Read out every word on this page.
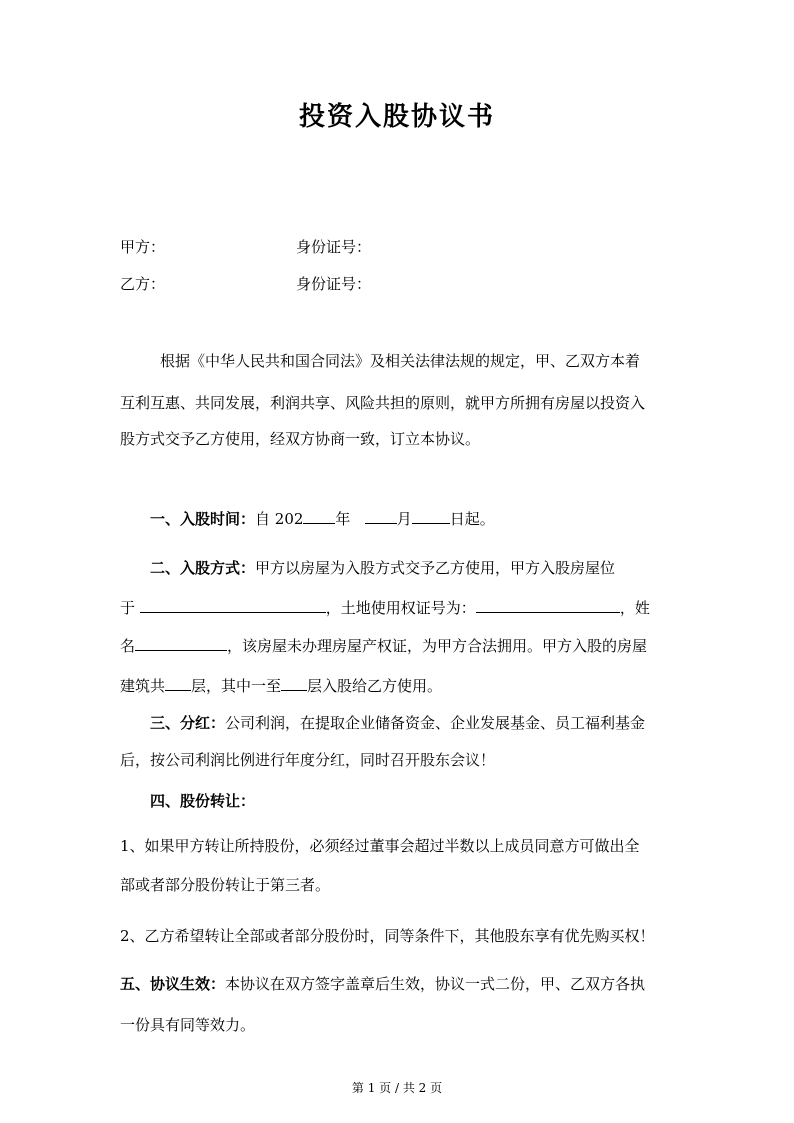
投资入股协议书
甲方：	身份证号：
乙方：	身份证号：
根据《中华人民共和国合同法》及相关法律法规的规定，甲、乙双方本着
互利互惠、共同发展，利润共享、风险共担的原则，就甲方所拥有房屋以投资入
股方式交予乙方使用，经双方协商一致，订立本协议。
一、入股时间：自 202 年	月	日起。
二、入股方式：甲方以房屋为入股方式交予乙方使用，甲方入股房屋位
于	，土地使用权证号为：	，姓
名	，该房屋未办理房屋产权证，为甲方合法拥用。甲方入股的房屋
建筑共 层，其中一至 层入股给乙方使用。
三、分红：公司利润，在提取企业储备资金、企业发展基金、员工福利基金
后，按公司利润比例进行年度分红，同时召开股东会议！
四、股份转让：
1、如果甲方转让所持股份，必须经过董事会超过半数以上成员同意方可做出全
部或者部分股份转让于第三者。
2、乙方希望转让全部或者部分股份时，同等条件下，其他股东享有优先购买权！
五、协议生效：本协议在双方签字盖章后生效，协议一式二份，甲、乙双方各执
一份具有同等效力。
第 1 页 / 共 2 页
